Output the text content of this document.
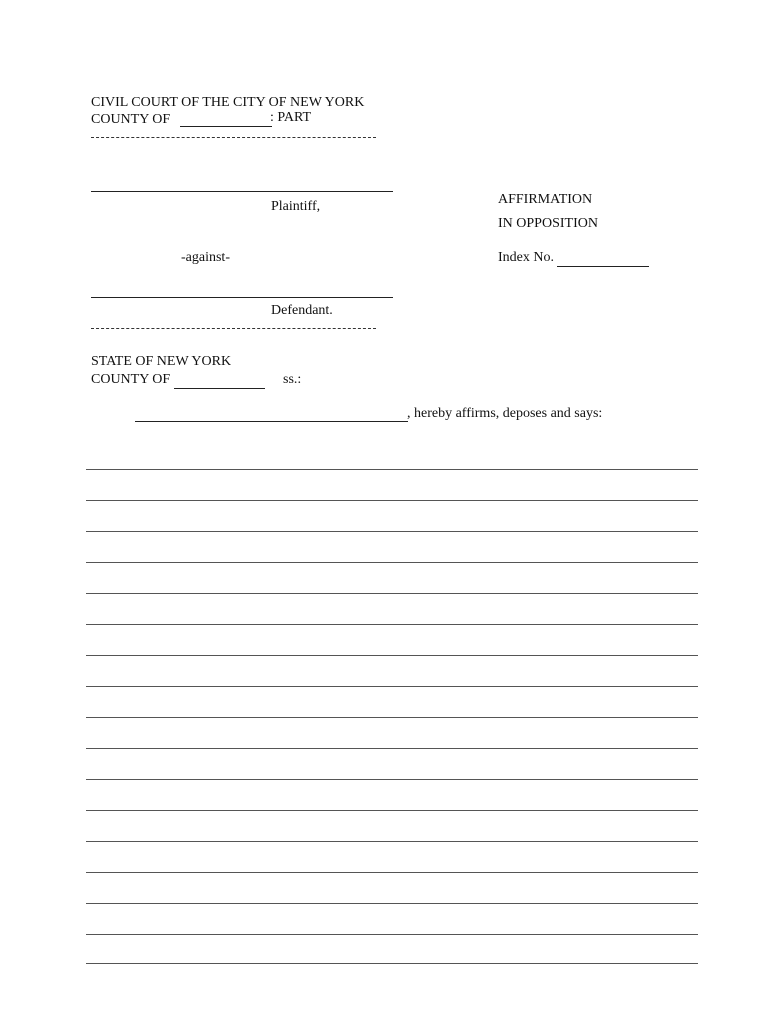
CIVIL COURT OF THE CITY OF NEW YORK
COUNTY OF	: PART
Plaintiff,	AFFIRMATION
IN OPPOSITION
-against-	Index No.
Defendant.
STATE OF NEW YORK
COUNTY OF	ss.:
, hereby affirms, deposes and says:
